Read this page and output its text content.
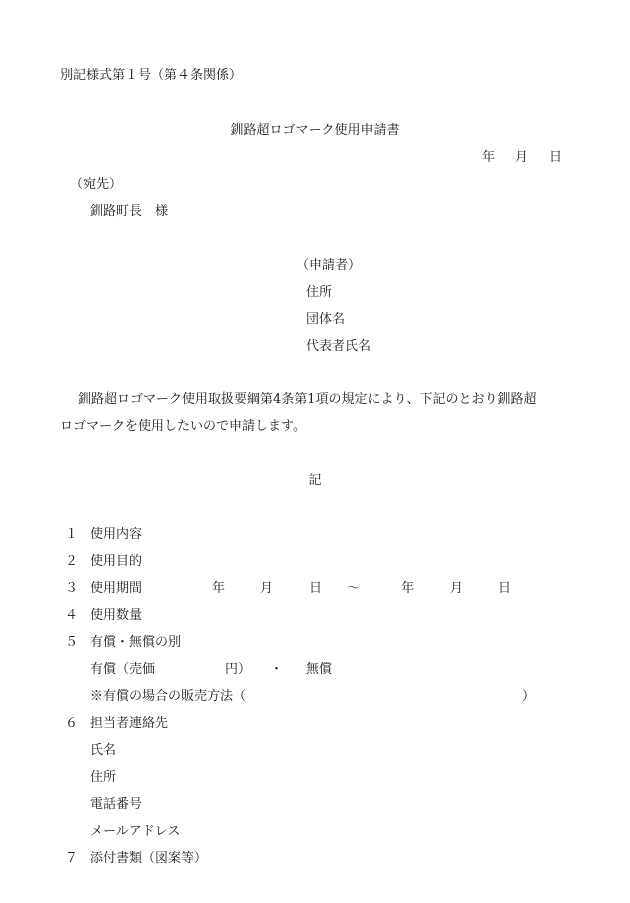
別記様式第１号（第４条関係）
釧路超ロゴマーク使用申請書
年 月 日
（宛先）
釧路町長　様
（申請者）
住所
団体名
代表者氏名
釧路超ロゴマーク使用取扱要綱第4条第1項の規定により、下記のとおり釧路超
ロゴマークを使用したいので申請します。
記
１ 使用内容
２ 使用目的
３ 使用期間	年	月	日 〜	年	月	日
４ 使用数量
５ 有償・無償の別
有償（売価	円） ・ 無償
※有償の場合の販売方法（	）
６ 担当者連絡先
氏名
住所
電話番号
メールアドレス
７ 添付書類（図案等）
